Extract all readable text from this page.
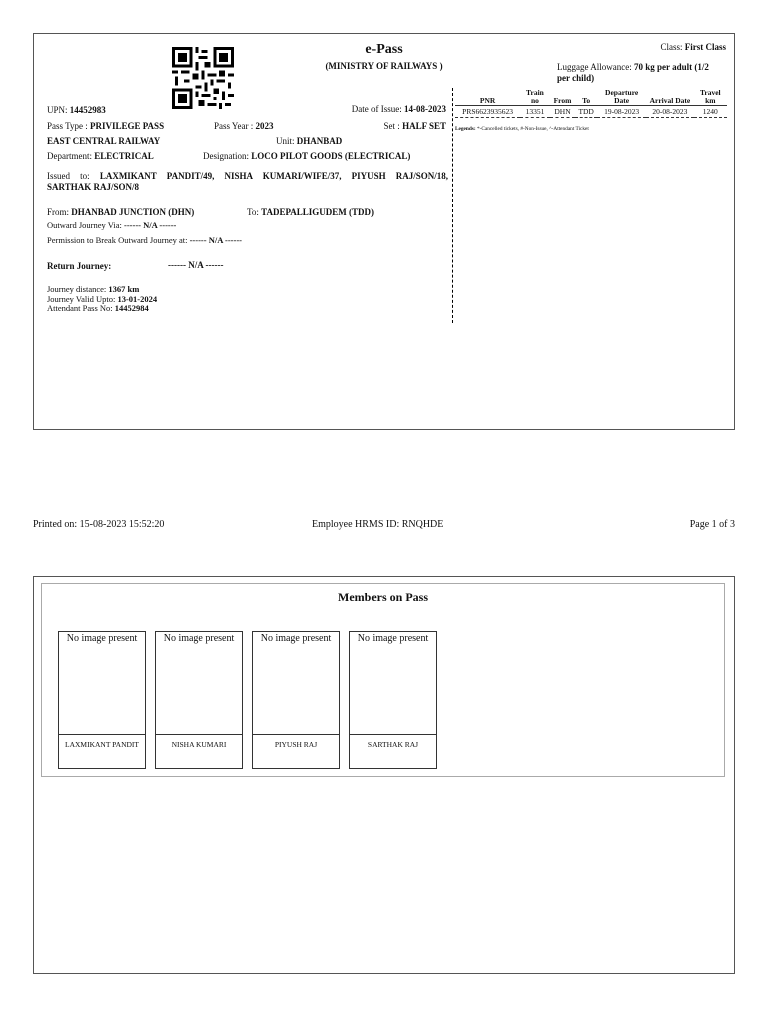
e-Pass
(MINISTRY OF RAILWAYS )
Class: First Class
Luggage Allowance: 70 kg per adult (1/2
per child)
UPN: 14452983	Date of Issue: 14-08-2023
Pass Type : PRIVILEGE PASS	Pass Year : 2023	Set : HALF SET
EAST CENTRAL RAILWAY	Unit: DHANBAD
Department: ELECTRICAL	Designation: LOCO PILOT GOODS (ELECTRICAL)
Issued to: LAXMIKANT PANDIT/49, NISHA KUMARI/WIFE/37, PIYUSH RAJ/SON/18,
SARTHAK RAJ/SON/8
From: DHANBAD JUNCTION (DHN)	To: TADEPALLIGUDEM (TDD)
Outward Journey Via: ------ N/A ------
Permission to Break Outward Journey at: ------ N/A ------
Return Journey:	------ N/A ------
Journey distance: 1367 km
Journey Valid Upto: 13-01-2024
Attendant Pass No: 14452984
PNR	Train no	From	To	Departure Date	Arrival Date	Travel km
PRS6623935623	13351	DHN	TDD	19-08-2023	20-08-2023	1240
Legends: *-Cancelled tickets, #-Non-Issue, ^-Attendant Ticket
Printed on: 15-08-2023 15:52:20	Employee HRMS ID: RNQHDE	Page 1 of 3
Members on Pass
No image present
LAXMIKANT PANDIT
No image present
NISHA KUMARI
No image present
PIYUSH RAJ
No image present
SARTHAK RAJ
